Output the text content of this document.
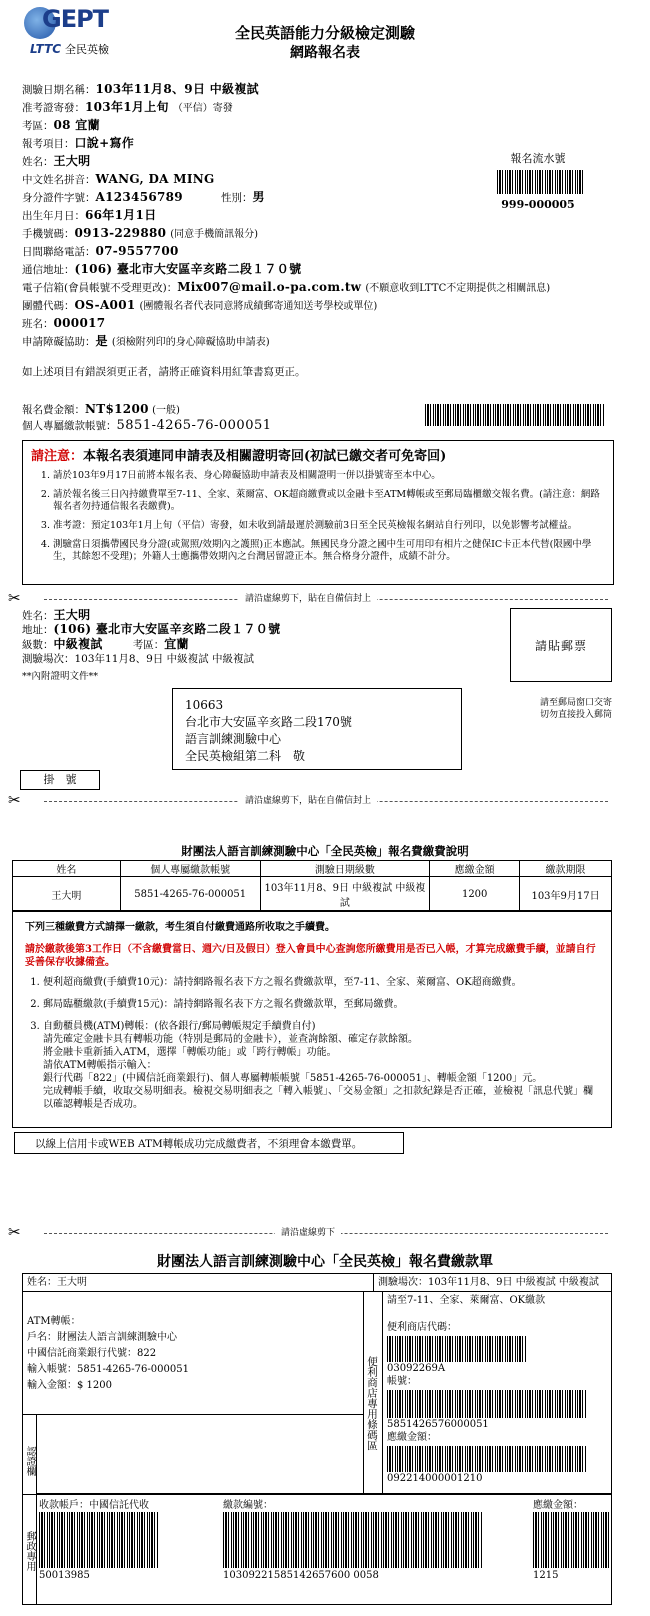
GEPT
LTTC 全民英檢
全民英語能力分級檢定測驗
網路報名表
測驗日期名稱：103年11月8、9日 中級複試
准考證寄發：103年1月上旬 （平信）寄發
考區：08 宜蘭
報考項目：口說+寫作
姓名：王大明
中文姓名拼音：WANG, DA MING
身分證件字號：A123456789	性別：男
出生年月日：66年1月1日
手機號碼：0913-229880 (同意手機簡訊報分)
日間聯絡電話：07-9557700
通信地址：(106) 臺北市大安區辛亥路二段１７０號
電子信箱(會員帳號不受理更改)：Mix007@mail.o-pa.com.tw (不願意收到LTTC不定期提供之相關訊息)
團體代碼：OS-A001 (團體報名者代表同意將成績郵寄通知送考學校或單位)
班名：000017
申請障礙協助：是 (須檢附列印的身心障礙協助申請表)
報名流水號
999-000005
如上述項目有錯誤須更正者，請將正確資料用紅筆書寫更正。
報名費金額：NT$1200 (一般)
個人專屬繳款帳號：5851-4265-76-000051
請注意：本報名表須連同申請表及相關證明寄回(初試已繳交者可免寄回)
1. 請於103年9月17日前將本報名表、身心障礙協助申請表及相關證明一併以掛號寄至本中心。
2. 請於報名後三日內持繳費單至7-11、全家、萊爾富、OK超商繳費或以金融卡至ATM轉帳或至郵局臨櫃繳交報名費。(請注意：網路報名者勿持通信報名表繳費)。
3. 准考證：預定103年1月上旬（平信）寄發，如未收到請最遲於測驗前3日至全民英檢報名網站自行列印，以免影響考試權益。
4. 測驗當日須攜帶國民身分證(或駕照/效期內之護照)正本應試。無國民身分證之國中生可用印有相片之健保IC卡正本代替(限國中學生，其餘恕不受理)；外籍人士應攜帶效期內之台灣居留證正本。無合格身分證件，成績不計分。
✂	請沿虛線剪下，貼在自備信封上
姓名：王大明
地址：(106) 臺北市大安區辛亥路二段１７０號
級數：中級複試	考區：宜蘭
測驗場次：103年11月8、9日 中級複試 中級複試
**內附證明文件**
請貼郵票
10663
台北市大安區辛亥路二段170號
語言訓練測驗中心
全民英檢組第二科　敬
請至郵局窗口交寄
切勿直接投入郵筒
掛　號
✂	請沿虛線剪下，貼在自備信封上
財團法人語言訓練測驗中心「全民英檢」報名費繳費說明
姓名	個人專屬繳款帳號	測驗日期級數	應繳金額	繳款期限
王大明	5851-4265-76-000051	103年11月8、9日 中級複試 中級複試	1200	103年9月17日
下列三種繳費方式請擇一繳款，考生須自付繳費通路所收取之手續費。
請於繳款後第3工作日（不含繳費當日、週六/日及假日）登入會員中心查詢您所繳費用是否已入帳，才算完成繳費手續，並請自行妥善保存收據備查。
1. 便利超商繳費(手續費10元)：請持網路報名表下方之報名費繳款單，至7-11、全家、萊爾富、OK超商繳費。
2. 郵局臨櫃繳款(手續費15元)：請持網路報名表下方之報名費繳款單，至郵局繳費。
3. 自動櫃員機(ATM)轉帳：(依各銀行/郵局轉帳規定手續費自付)
請先確定金融卡具有轉帳功能（特別是郵局的金融卡），並查詢餘額、確定存款餘額。
將金融卡重新插入ATM，選擇「轉帳功能」或「跨行轉帳」功能。
請依ATM轉帳指示輸入：
銀行代碼「822」(中國信託商業銀行)、個人專屬轉帳帳號「5851-4265-76-000051」、轉帳金額「1200」元。
完成轉帳手續，收取交易明細表。檢視交易明細表之「轉入帳號」、「交易金額」之扣款紀錄是否正確，並檢視「訊息代號」欄以確認轉帳是否成功。
以線上信用卡或WEB ATM轉帳成功完成繳費者，不須理會本繳費單。
✂	請沿虛線剪下
財團法人語言訓練測驗中心「全民英檢」報名費繳款單
姓名：王大明	測驗場次：103年11月8、9日 中級複試 中級複試
ATM轉帳：
戶名：財團法人語言訓練測驗中心
中國信託商業銀行代號：822
輸入帳號：5851-4265-76-000051
輸入金額：$ 1200
認證欄
便利商店專用條碼區
請至7-11、全家、萊爾富、OK繳款
便利商店代碼：
03092269A
帳號：
5851426576000051
應繳金額：
092214000001210
郵政專用
收款帳戶：中國信託代收
50013985
繳款編號：
10309221585142657600 0058
應繳金額：
1215
